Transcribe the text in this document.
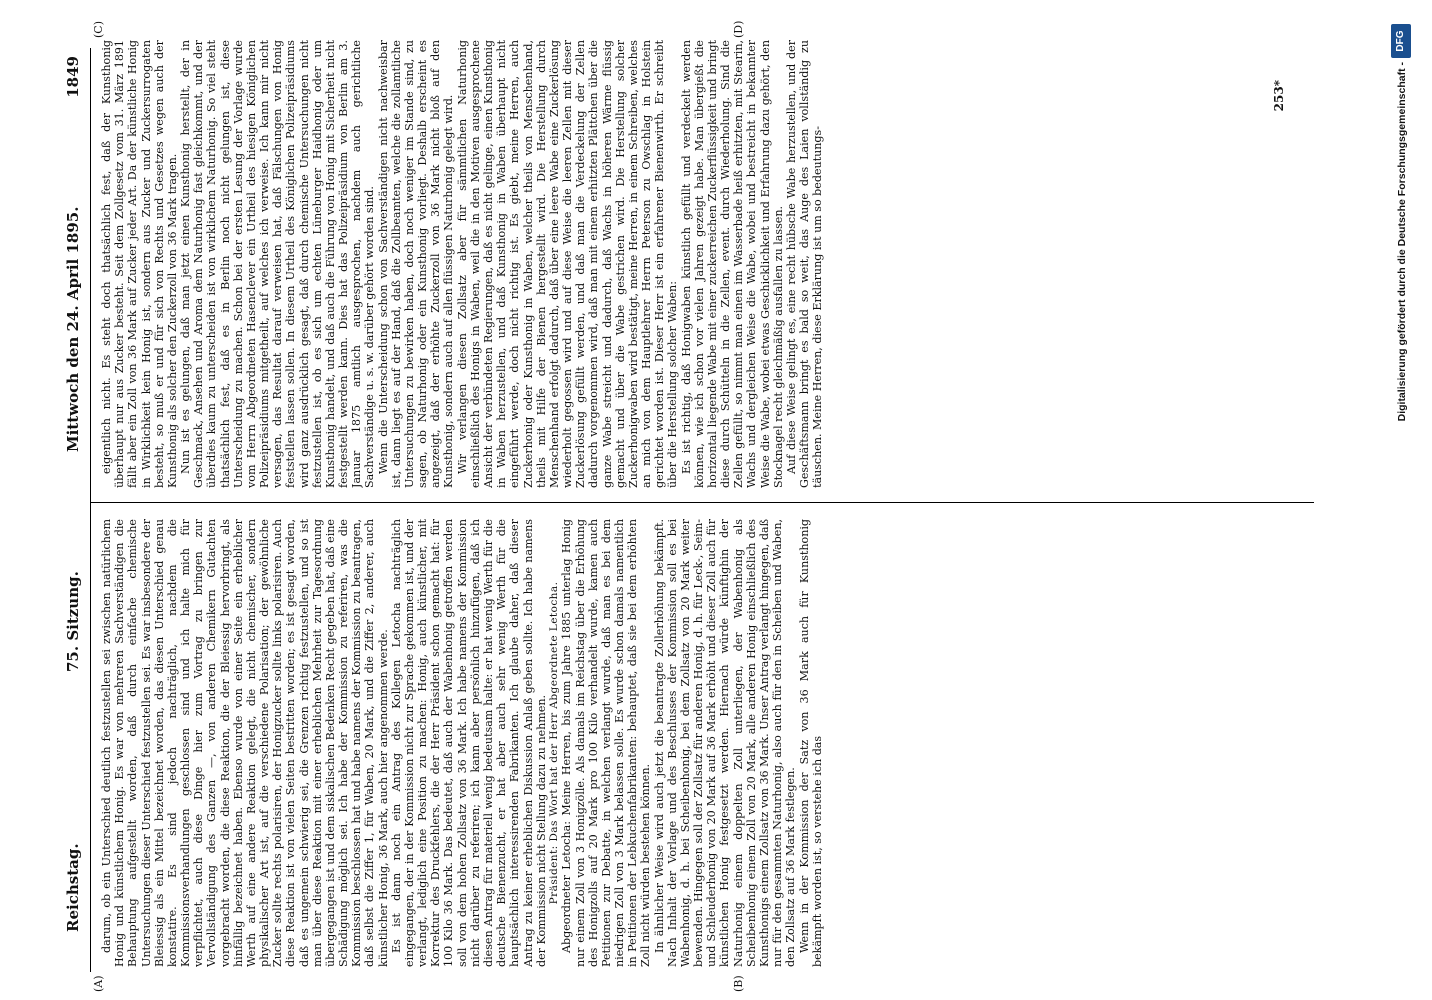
Reichstag.
75. Sitzung.
Mittwoch den 24. April 1895.
1849
(A)	(B)
(C)	(D)

darum, ob ein Unterschied deutlich festzustellen sei zwischen natürlichem Honig und künstlichem Honig. Es war von mehreren Sachverständigen die Behauptung aufgestellt worden, daß durch einfache chemische Untersuchungen dieser Unterschied festzustellen sei. Es war insbesondere der Bleiessig als ein Mittel bezeichnet worden, das diesen Unterschied genau konstatire. Es sind jedoch nachträglich, nachdem die Kommissionsverhandlungen geschlossen sind und ich halte mich für verpflichtet, auch diese Dinge hier zum Vortrag zu bringen zur Vervollständigung des Ganzen —, von anderen Chemikern Gutachten vorgebracht worden, die diese Reaktion, die der Bleiessig hervorbringt, als hinfällig bezeichnet haben. Ebenso wurde von einer Seite ein erheblicher Werth auf eine andere Reaktion gelegt, die nicht chemischer, sondern physikalischer Art ist, auf die verschiedene Polarisation; der gewöhnliche Zucker sollte rechts polarisiren, der Honigzucker sollte links polarisiren. Auch diese Reaktion ist von vielen Seiten bestritten worden; es ist gesagt worden, daß es ungemein schwierig sei, die Grenzen richtig festzustellen, und so ist man über diese Reaktion mit einer erheblichen Mehrheit zur Tagesordnung übergegangen ist und dem siskalischen Bedenken Recht gegeben hat, daß eine Schädigung möglich sei. Ich habe der Kommission zu referiren, was die Kommission beschlossen hat und habe namens der Kommission zu beantragen, daß selbst die Ziffer 1, für Waben, 20 Mark, und die Ziffer 2, anderer, auch künstlicher Honig, 36 Mark, auch hier angenommen werde. Es ist dann noch ein Antrag des Kollegen Letocha nachträglich eingegangen, der in der Kommission nicht zur Sprache gekommen ist, und der verlangt, lediglich eine Position zu machen: Honig, auch künstlicher, mit Korrektur des Druckfehlers, die der Herr Präsident schon gemacht hat: für 100 Kilo 36 Mark. Das bedeutet, daß auch der Wabenhonig getroffen werden soll von dem hohen Zollsatz von 36 Mark. Ich habe namens der Kommission nicht darüber zu referiren; ich kann aber persönlich hinzufügen, daß ich diesen Antrag für materiell wenig bedeutsam halte: er hat wenig Werth für die deutsche Bienenzucht, er hat aber auch sehr wenig Werth für die hauptsächlich interessirenden Fabrikanten. Ich glaube daher, daß dieser Antrag zu keiner erheblichen Diskussion Anlaß geben sollte. Ich habe namens der Kommission nicht Stellung dazu zu nehmen. Präsident: Das Wort hat der Herr Abgeordnete Letocha. Abgeordneter Letocha: Meine Herren, bis zum Jahre 1885 unterlag Honig nur einem Zoll von 3 Honigzölle. Als damals im Reichstag über die Erhöhung des Honigzolls auf 20 Mark pro 100 Kilo verhandelt wurde, kamen auch Petitionen zur Debatte, in welchen verlangt wurde, daß man es bei dem niedrigen Zoll von 3 Mark belassen solle. Es wurde schon damals namentlich in Petitionen der Lebkuchenfabrikanten: behauptet, daß sie bei dem erhöhten Zoll nicht würden bestehen können. In ähnlicher Weise wird auch jetzt die beantragte Zollerhöhung bekämpft. Nach Inhalt der Vorlage und des Beschlusses der Kommission soll es bei Wabenhonig, d. h. bei Scheibenhonig, bei dem Zollsatz von 20 Mark weiter bewenden. Hingegen soll der Zollsatz für anderen Honig, d. h. für Leck-, Seim- und Schleuderhonig von 20 Mark auf 36 Mark erhöht und dieser Zoll auch für künstlichen Honig festgesetzt werden. Hiernach würde künftighin der Naturhonig einem doppelten Zoll unterliegen, der Wabenhonig als Scheibenhonig einem Zoll von 20 Mark, alle anderen Honig einschließlich des Kunsthonigs einem Zollsatz von 36 Mark. Unser Antrag verlangt hingegen, daß nur für den gesammten Naturhonig, also auch für den in Scheiben und Waben, den Zollsatz auf 36 Mark festlegen. Wenn in der Kommission der Satz von 36 Mark auch für Kunsthonig bekämpft worden ist, so verstehe ich das

eigentlich nicht. Es steht doch thatsächlich fest, daß der Kunsthonig überhaupt nur aus Zucker besteht. Seit dem Zollgesetz vom 31. März 1891 fällt aber ein Zoll von 36 Mark auf Zucker jeder Art. Da der künstliche Honig in Wirklichkeit kein Honig ist, sondern aus Zucker und Zuckersurrogaten besteht, so muß er und für sich von Rechts und Gesetzes wegen auch der Kunsthonig als solcher den Zuckerzoll von 36 Mark tragen. Nun ist es gelungen, daß man jetzt einen Kunsthonig herstellt, der in Geschmack, Ansehen und Aroma dem Naturhonig fast gleichkommt, und der überdies kaum zu unterscheiden ist von wirklichem Naturhonig. So viel steht thatsächlich fest, daß es in Berlin noch nicht gelungen ist, diese Unterscheidung zu machen. Schon bei der ersten Lesung der Vorlage wurde vom Herrn Abgeordneten Hasenclever ein Urtheil des hiesigen Königlichen Polizeipräsidiums mitgetheilt, auf welches ich verweise. Ich kann mir nicht versagen, das Resultat darauf verweisen hat, daß Fälschungen von Honig feststellen lassen sollen. In diesem Urtheil des Königlichen Polizeipräsidiums wird ganz ausdrücklich gesagt, daß durch chemische Untersuchungen nicht festzustellen ist, ob es sich um echten Lüneburger Haidhonig oder um Kunsthonig handelt, und daß auch die Führung von Honig mit Sicherheit nicht festgestellt werden kann. Dies hat das Polizeipräsidium von Berlin am 3. Januar 1875 amtlich ausgesprochen, nachdem auch gerichtliche Sachverständige u. s. w. darüber gehört worden sind. Wenn die Unterscheidung schon von Sachverständigen nicht nachweisbar ist, dann liegt es auf der Hand, daß die Zollbeamten, welche die zollamtliche Untersuchungen zu bewirken haben, doch noch weniger im Stande sind, zu sagen, ob Naturhonig oder ein Kunsthonig vorliegt. Deshalb erscheint es angezeigt, daß der erhöhte Zuckerzoll von 36 Mark nicht bloß auf den Kunsthonig, sondern auch auf allen flüssigen Naturhonig gelegt wird. Wir verlangen diesen Zollsatz aber für sämmtlichen Naturhonig einschließlich des Honigs in Waben, weil die in den Motiven ausgesprochene Ansicht der verbündeten Regierungen, daß es nicht gelinge, einen Kunsthonig in Waben herzustellen, und daß Kunsthonig in Waben überhaupt nicht eingeführt werde, doch nicht richtig ist. Es giebt, meine Herren, auch Zuckerhonig oder Kunsthonig in Waben, welcher theils von Menschenhand, theils mit Hilfe der Bienen hergestellt wird. Die Herstellung durch Menschenhand erfolgt dadurch, daß über eine leere Wabe eine Zuckerlösung wiederholt gegossen wird und auf diese Weise die leeren Zellen mit dieser Zuckerlösung gefüllt werden, und daß man die Verdeckelung der Zellen dadurch vorgenommen wird, daß man mit einem erhitzten Plättchen über die ganze Wabe streicht und dadurch, daß Wachs in höheren Wärme flüssig gemacht und über die Wabe gestrichen wird. Die Herstellung solcher Zuckerhonigwaben wird bestätigt, meine Herren, in einem Schreiben, welches an mich von dem Hauptlehrer Herrn Peterson zu Owschlag in Holstein gerichtet worden ist. Dieser Herr ist ein erfahrener Bienenwirth. Er schreibt über die Herstellung solcher Waben: Es ist richtig, daß Honigwaben künstlich gefüllt und verdeckelt werden können, wie ich schon vor vielen Jahren gezeigt habe. Man übergießt die horizontal liegende Wabe mit einer zuckerreichen Zuckerflüssigkeit und bringt diese durch Schütteln in die Zellen, event. durch Wiederholung. Sind die Zellen gefüllt, so nimmt man einen im Wasserbade heiß erhitzten, mit Stearin, Wachs und dergleichen Weise die Wabe, wobei und bestreicht in bekannter Weise die Wabe, wobei etwas Geschicklichkeit und Erfahrung dazu gehört, den Stocknagel recht gleichmäßig ausfallen zu lassen. Auf diese Weise gelingt es, eine recht hübsche Wabe herzustellen, und der Geschäftsmann bringt es bald so weit, das Auge des Laien vollständig zu täuschen. Meine Herren, diese Erklärung ist um so bedeutungs-

253*	Digitalisierung gefördert durch die Deutsche Forschungsgemeinschaft -
DFG
